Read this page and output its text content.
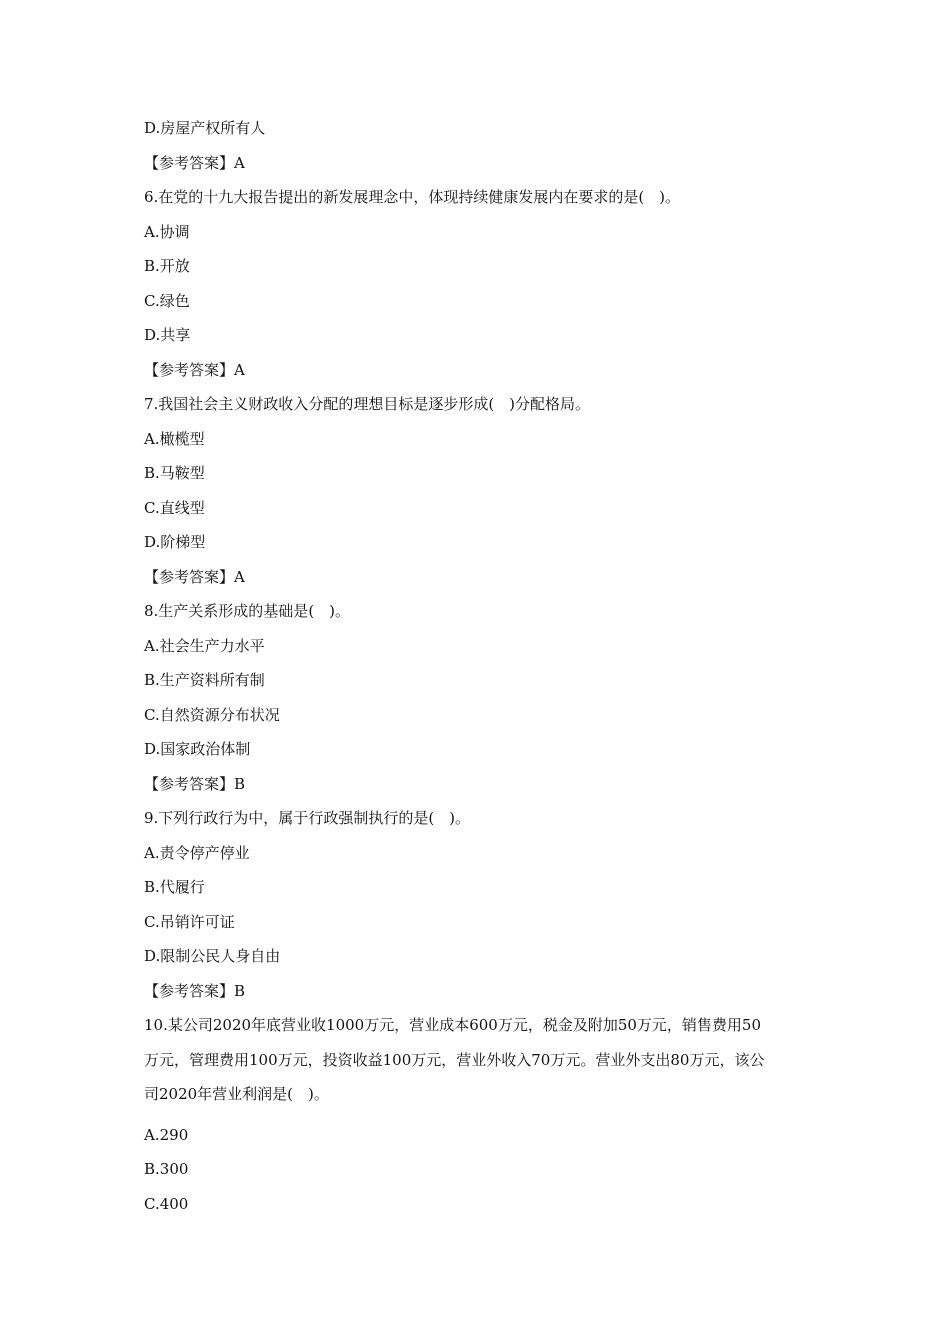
D.房屋产权所有人
【参考答案】A
6.在党的十九大报告提出的新发展理念中，体现持续健康发展内在要求的是(　)。
A.协调
B.开放
C.绿色
D.共享
【参考答案】A
7.我国社会主义财政收入分配的理想目标是逐步形成(　)分配格局。
A.橄榄型
B.马鞍型
C.直线型
D.阶梯型
【参考答案】A
8.生产关系形成的基础是(　)。
A.社会生产力水平
B.生产资料所有制
C.自然资源分布状况
D.国家政治体制
【参考答案】B
9.下列行政行为中，属于行政强制执行的是(　)。
A.责令停产停业
B.代履行
C.吊销许可证
D.限制公民人身自由
【参考答案】B
10.某公司2020年底营业收1000万元，营业成本600万元，税金及附加50万元，销售费用50
万元，管理费用100万元，投资收益100万元，营业外收入70万元。营业外支出80万元，该公
司2020年营业利润是(　)。
A.290
B.300
C.400
